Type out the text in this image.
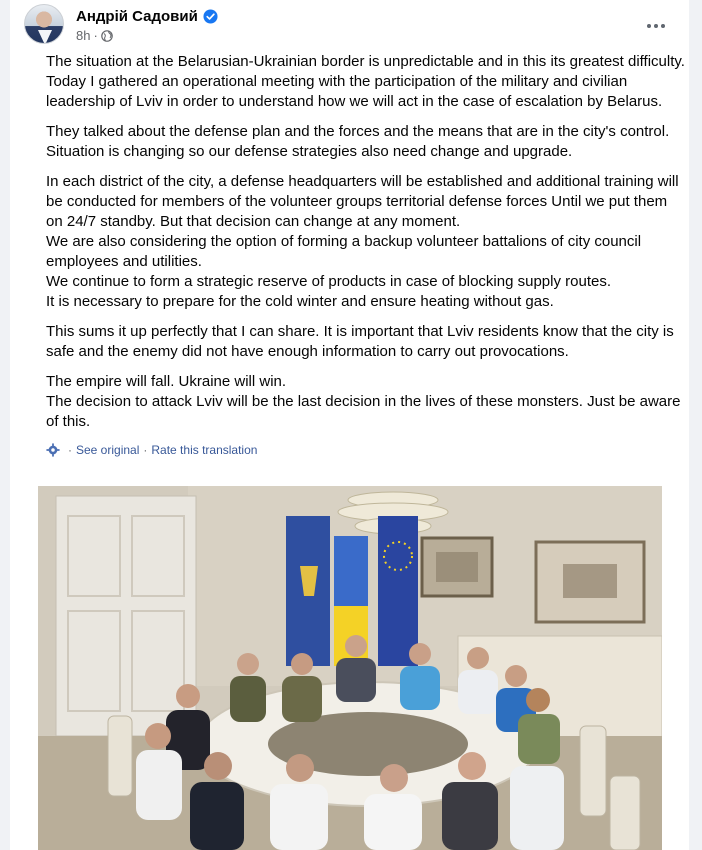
Андрій Садовий
8h ·

The situation at the Belarusian-Ukrainian border is unpredictable and in this its greatest difficulty.
Today I gathered an operational meeting with the participation of the military and civilian leadership of Lviv in order to understand how we will act in the case of escalation by Belarus.

They talked about the defense plan and the forces and the means that are in the city's control. Situation is changing so our defense strategies also need change and upgrade.

In each district of the city, a defense headquarters will be established and additional training will be conducted for members of the volunteer groups territorial defense forces Until we put them on 24/7 standby. But that decision can change at any moment.
We are also considering the option of forming a backup volunteer battalions of city council employees and utilities.
We continue to form a strategic reserve of products in case of blocking supply routes.
It is necessary to prepare for the cold winter and ensure heating without gas.

This sums it up perfectly that I can share. It is important that Lviv residents know that the city is safe and the enemy did not have enough information to carry out provocations.

The empire will fall. Ukraine will win.
The decision to attack Lviv will be the last decision in the lives of these monsters. Just be aware of this.

· See original · Rate this translation
